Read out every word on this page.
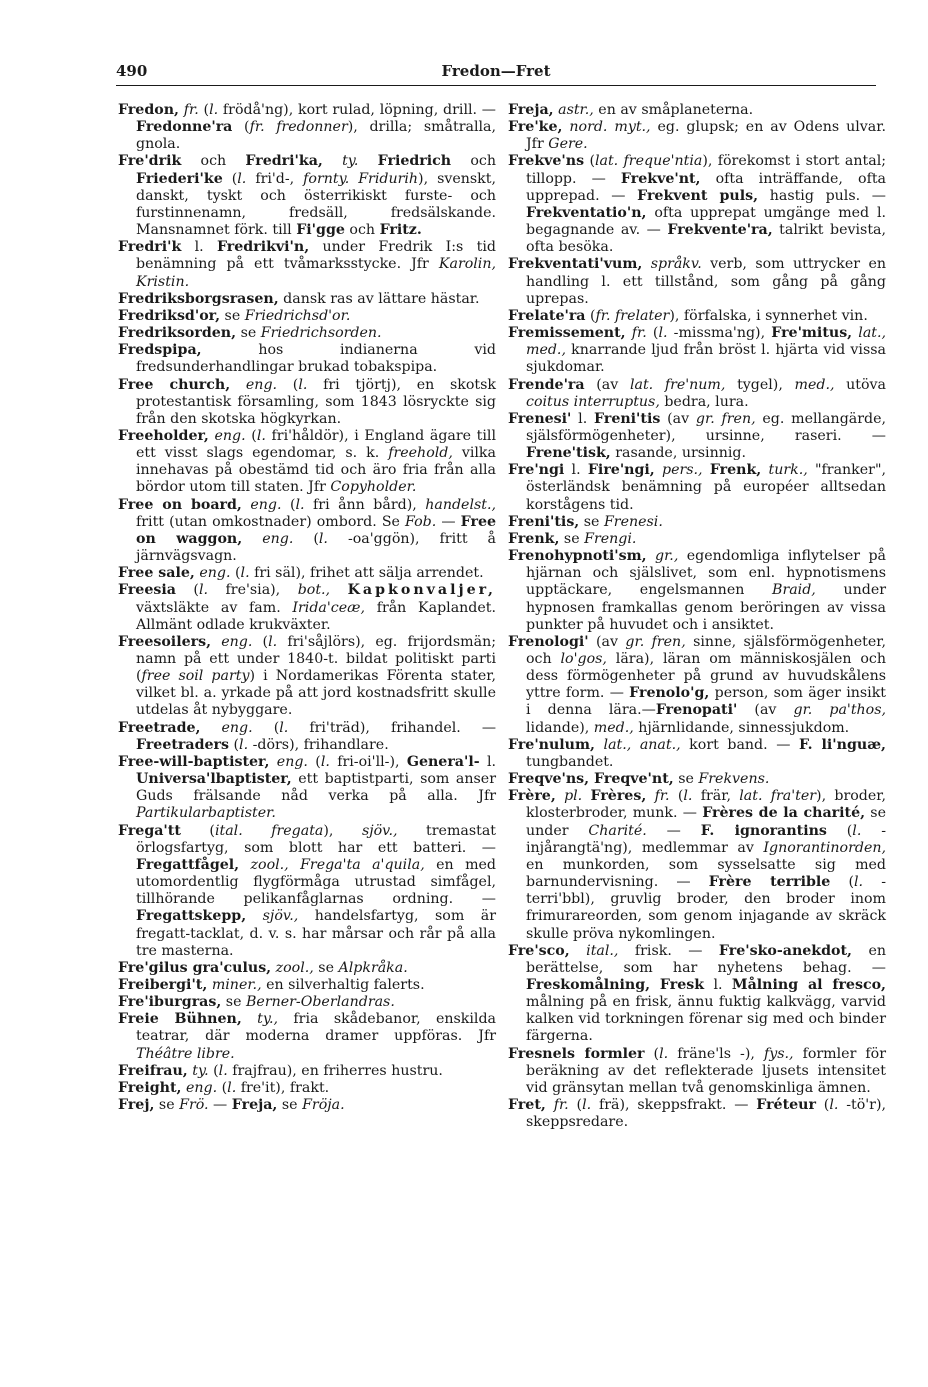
490	Fredon—Fret

Fredon, fr. (l. frödå'ng), kort rulad, löpning, drill. — Fredonne'ra (fr. fredonner), drilla; småtralla, gnola.

Fre'drik och Fredri'ka, ty. Friedrich och Friederi'ke (l. fri'd-, fornty. Fridurih), svenskt, danskt, tyskt och österrikiskt furste- och furstinnenamn, fredsäll, fredsälskande. Mansnamnet förk. till Fi'gge och Fritz.

Fredri'k l. Fredrikvi'n, under Fredrik I:s tid benämning på ett tvåmarksstycke. Jfr Karolin, Kristin.

Fredriksborgsrasen, dansk ras av lättare hästar.

Fredriksd'or, se Friedrichsd'or.

Fredriksorden, se Friedrichsorden.

Fredspipa, hos indianerna vid fredsunderhandlingar brukad tobakspipa.

Free church, eng. (l. fri tjörtj), en skotsk protestantisk församling, som 1843 lösryckte sig från den skotska högkyrkan.

Freeholder, eng. (l. fri'håldör), i England ägare till ett visst slags egendomar, s. k. freehold, vilka innehavas på obestämd tid och äro fria från alla bördor utom till staten. Jfr Copyholder.

Free on board, eng. (l. fri ånn bård), handelst., fritt (utan omkostnader) ombord. Se Fob. — Free on waggon, eng. (l. -oa'ggön), fritt å järnvägsvagn.

Free sale, eng. (l. fri säl), frihet att sälja arrendet.

Freesia (l. fre'sia), bot., Kapkonvaljer, växtsläkte av fam. Irida'ceæ, från Kaplandet. Allmänt odlade krukväxter.

Freesoilers, eng. (l. fri'såjlörs), eg. frijordsmän; namn på ett under 1840-t. bildat politiskt parti (free soil party) i Nordamerikas Förenta stater, vilket bl. a. yrkade på att jord kostnadsfritt skulle utdelas åt nybyggare.

Freetrade, eng. (l. fri'träd), frihandel. — Freetraders (l. -dörs), frihandlare.

Free-will-baptister, eng. (l. fri-oi'll-), Genera'l- l. Universa'lbaptister, ett baptistparti, som anser Guds frälsande nåd verka på alla. Jfr Partikularbaptister.

Frega'tt (ital. fregata), sjöv., tremastat örlogsfartyg, som blott har ett batteri. — Fregattfågel, zool., Frega'ta a'quila, en med utomordentlig flygförmåga utrustad simfågel, tillhörande pelikanfåglarnas ordning. — Fregattskepp, sjöv., handelsfartyg, som är fregatt-tacklat, d. v. s. har mårsar och rår på alla tre masterna.

Fre'gilus gra'culus, zool., se Alpkråka.

Freibergi't, miner., en silverhaltig falerts.

Fre'iburgras, se Berner-Oberlandras.

Freie Bühnen, ty., fria skådebanor, enskilda teatrar, där moderna dramer uppföras. Jfr Théâtre libre.

Freifrau, ty. (l. frajfrau), en friherres hustru.

Freight, eng. (l. fre'it), frakt.

Frej, se Frö. — Freja, se Fröja.

Freja, astr., en av småplaneterna.

Fre'ke, nord. myt., eg. glupsk; en av Odens ulvar. Jfr Gere.

Frekve'ns (lat. freque'ntia), förekomst i stort antal; tillopp. — Frekve'nt, ofta inträffande, ofta upprepad. — Frekvent puls, hastig puls. — Frekventatio'n, ofta upprepat umgänge med l. begagnande av. — Frekvente'ra, talrikt bevista, ofta besöka.

Frekventati'vum, språkv. verb, som uttrycker en handling l. ett tillstånd, som gång på gång uprepas.

Frelate'ra (fr. frelater), förfalska, i synnerhet vin.

Fremissement, fr. (l. -missma'ng), Fre'mitus, lat., med., knarrande ljud från bröst l. hjärta vid vissa sjukdomar.

Frende'ra (av lat. fre'num, tygel), med., utöva coitus interruptus, bedra, lura.

Frenesi' l. Freni'tis (av gr. fren, eg. mellangärde, själsförmögenheter), ursinne, raseri. — Frene'tisk, rasande, ursinnig.

Fre'ngi l. Fire'ngi, pers., Frenk, turk., "franker", österländsk benämning på européer alltsedan korstågens tid.

Freni'tis, se Frenesi.

Frenk, se Frengi.

Frenohypnoti'sm, gr., egendomliga inflytelser på hjärnan och själslivet, som enl. hypnotismens upptäckare, engelsmannen Braid, under hypnosen framkallas genom beröringen av vissa punkter på huvudet och i ansiktet.

Frenologi' (av gr. fren, sinne, själsförmögenheter, och lo'gos, lära), läran om människosjälen och dess förmögenheter på grund av huvudskålens yttre form. — Frenolo'g, person, som äger insikt i denna lära.—Frenopati' (av gr. pa'thos, lidande), med., hjärnlidande, sinnessjukdom.

Fre'nulum, lat., anat., kort band. — F. li'nguæ, tungbandet.

Freqve'ns, Freqve'nt, se Frekvens.

Frère, pl. Frères, fr. (l. frär, lat. fra'ter), broder, klosterbroder, munk. — Frères de la charité, se under Charité. — F. ignorantins (l. - injårangtä'ng), medlemmar av Ignorantinorden, en munkorden, som sysselsatte sig med barnundervisning. — Frère terrible (l. - terri'bbl), gruvlig broder, den broder inom frimurareorden, som genom injagande av skräck skulle pröva nykomlingen.

Fre'sco, ital., frisk. — Fre'sko-anekdot, en berättelse, som har nyhetens behag. — Freskomålning, Fresk l. Målning al fresco, målning på en frisk, ännu fuktig kalkvägg, varvid kalken vid torkningen förenar sig med och binder färgerna.

Fresnels formler (l. fräne'ls -), fys., formler för beräkning av det reflekterade ljusets intensitet vid gränsytan mellan två genomskinliga ämnen.

Fret, fr. (l. frä), skeppsfrakt. — Fréteur (l. -tö'r), skeppsredare.
